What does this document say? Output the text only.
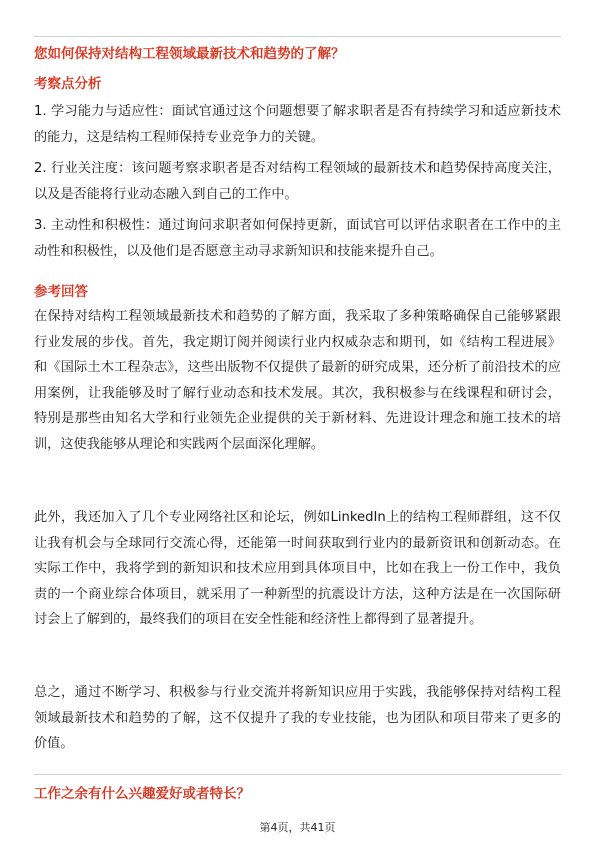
您如何保持对结构工程领域最新技术和趋势的了解？
考察点分析

1. 学习能力与适应性：面试官通过这个问题想要了解求职者是否有持续学习和适应新技术的能力，这是结构工程师保持专业竞争力的关键。

2. 行业关注度：该问题考察求职者是否对结构工程领域的最新技术和趋势保持高度关注，以及是否能将行业动态融入到自己的工作中。

3. 主动性和积极性：通过询问求职者如何保持更新，面试官可以评估求职者在工作中的主动性和积极性，以及他们是否愿意主动寻求新知识和技能来提升自己。

参考回答

在保持对结构工程领域最新技术和趋势的了解方面，我采取了多种策略确保自己能够紧跟行业发展的步伐。首先，我定期订阅并阅读行业内权威杂志和期刊，如《结构工程进展》和《国际土木工程杂志》，这些出版物不仅提供了最新的研究成果，还分析了前沿技术的应用案例，让我能够及时了解行业动态和技术发展。其次，我积极参与在线课程和研讨会，特别是那些由知名大学和行业领先企业提供的关于新材料、先进设计理念和施工技术的培训，这使我能够从理论和实践两个层面深化理解。

此外，我还加入了几个专业网络社区和论坛，例如LinkedIn上的结构工程师群组，这不仅让我有机会与全球同行交流心得，还能第一时间获取到行业内的最新资讯和创新动态。在实际工作中，我将学到的新知识和技术应用到具体项目中，比如在我上一份工作中，我负责的一个商业综合体项目，就采用了一种新型的抗震设计方法，这种方法是在一次国际研讨会上了解到的，最终我们的项目在安全性能和经济性上都得到了显著提升。

总之，通过不断学习、积极参与行业交流并将新知识应用于实践，我能够保持对结构工程领域最新技术和趋势的了解，这不仅提升了我的专业技能，也为团队和项目带来了更多的价值。

工作之余有什么兴趣爱好或者特长？
第4页，共41页
